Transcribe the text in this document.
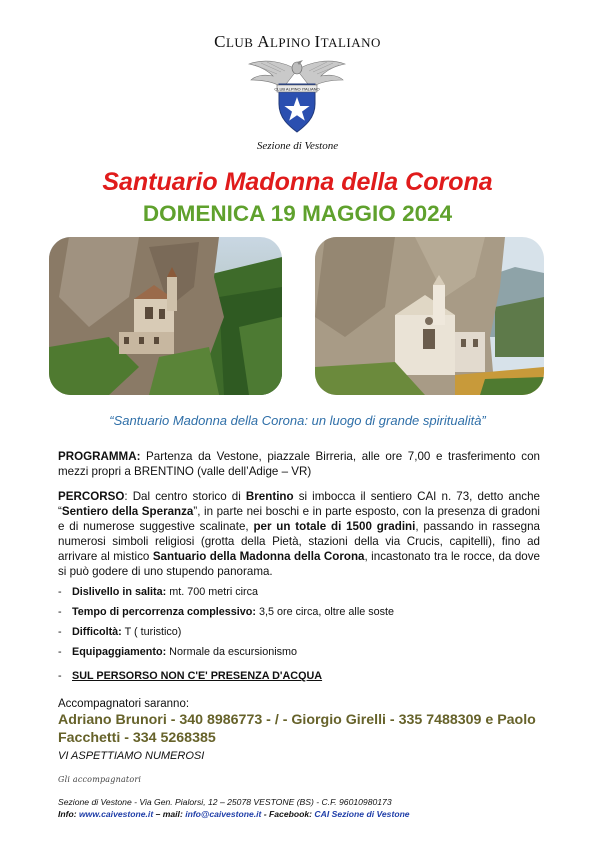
CLUB ALPINO ITALIANO
CLUB ALPINO ITALIANO
Sezione di Vestone
Santuario Madonna della Corona
DOMENICA 19 MAGGIO 2024
“Santuario Madonna della Corona: un luogo di grande spiritualità”
PROGRAMMA: Partenza da Vestone, piazzale Birreria, alle ore 7,00 e trasferimento con mezzi propri a BRENTINO (valle dell’Adige – VR)
PERCORSO: Dal centro storico di Brentino si imbocca il sentiero CAI n. 73, detto anche “Sentiero della Speranza”, in parte nei boschi e in parte esposto, con la presenza di gradoni e di numerose suggestive scalinate, per un totale di 1500 gradini, passando in rassegna numerosi simboli religiosi (grotta della Pietà, stazioni della via Crucis, capitelli), fino ad arrivare al mistico Santuario della Madonna della Corona, incastonato tra le rocce, da dove si può godere di uno stupendo panorama.
- Dislivello in salita: mt. 700 metri circa
- Tempo di percorrenza complessivo: 3,5 ore circa, oltre alle soste
- Difficoltà: T ( turistico)
- Equipaggiamento: Normale da escursionismo
- SUL PERSORSO NON C'E' PRESENZA D'ACQUA
Accompagnatori saranno:
Adriano Brunori - 340 8986773 - / - Giorgio Girelli - 335 7488309 e Paolo
Facchetti - 334 5268385
VI ASPETTIAMO NUMEROSI
Gli accompagnatori
Sezione di Vestone - Via Gen. Pialorsi, 12 – 25078 VESTONE (BS) - C.F. 96010980173
Info: www.caivestone.it – mail: info@caivestone.it - Facebook: CAI Sezione di Vestone
